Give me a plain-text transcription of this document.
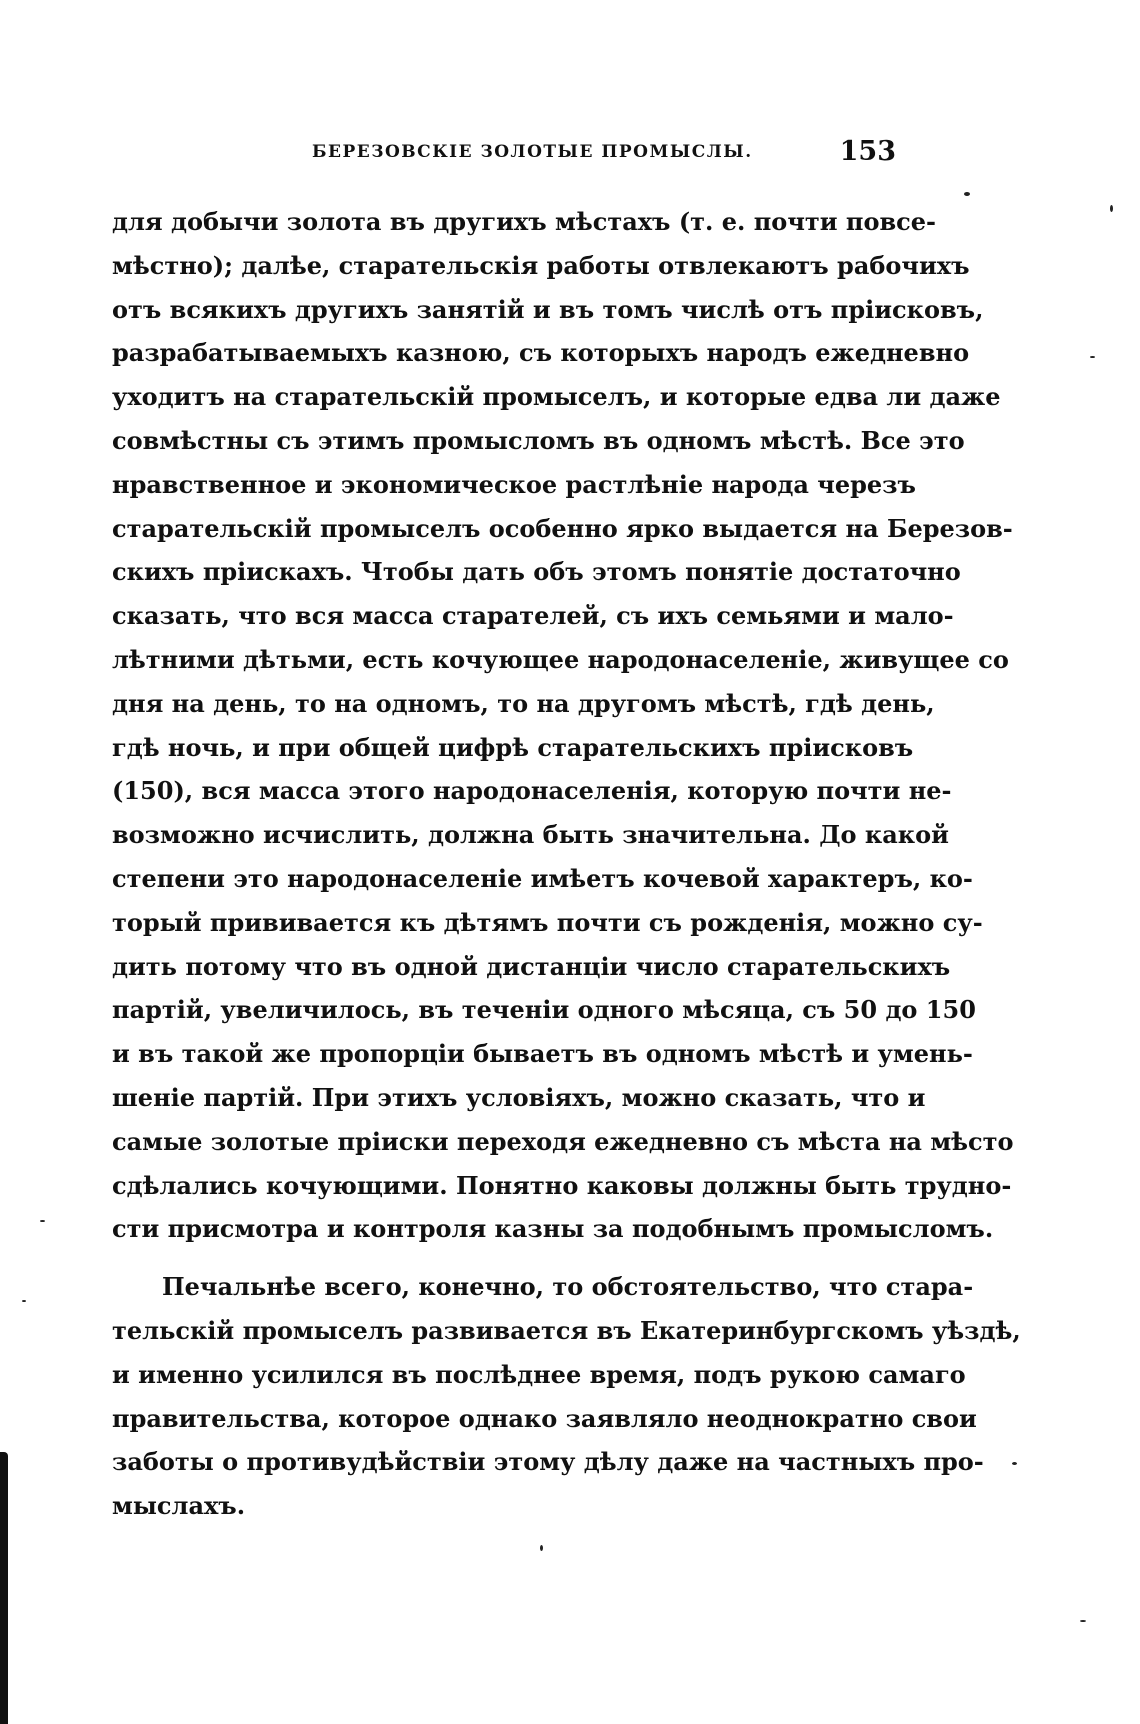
БЕРЕЗОВСКІЕ ЗОЛОТЫЕ ПРОМЫСЛЫ.	153
для добычи золота въ другихъ мѣстахъ (т. е. почти повсе-
мѣстно); далѣе, старательскія работы отвлекаютъ рабочихъ
отъ всякихъ другихъ занятій и въ томъ числѣ отъ пріисковъ,
разрабатываемыхъ казною, съ которыхъ народъ ежедневно
уходитъ на старательскій промыселъ, и которые едва ли даже
совмѣстны съ этимъ промысломъ въ одномъ мѣстѣ. Все это
нравственное и экономическое растлѣніе народа черезъ
старательскій промыселъ особенно ярко выдается на Березов-
скихъ пріискахъ. Чтобы дать объ этомъ понятіе достаточно
сказать, что вся масса старателей, съ ихъ семьями и мало-
лѣтними дѣтьми, есть кочующее народонаселеніе, живущее со
дня на день, то на одномъ, то на другомъ мѣстѣ, гдѣ день,
гдѣ ночь, и при общей цифрѣ старательскихъ пріисковъ
(150), вся масса этого народонаселенія, которую почти не-
возможно исчислить, должна быть значительна. До какой
степени это народонаселеніе имѣетъ кочевой характеръ, ко-
торый прививается къ дѣтямъ почти съ рожденія, можно су-
дить потому что въ одной дистанціи число старательскихъ
партій, увеличилось, въ теченіи одного мѣсяца, съ 50 до 150
и въ такой же пропорціи бываетъ въ одномъ мѣстѣ и умень-
шеніе партій. При этихъ условіяхъ, можно сказать, что и
самые золотые пріиски переходя ежедневно съ мѣста на мѣсто
сдѣлались кочующими. Понятно каковы должны быть трудно-
сти присмотра и контроля казны за подобнымъ промысломъ.
Печальнѣе всего, конечно, то обстоятельство, что стара-
тельскій промыселъ развивается въ Екатеринбургскомъ уѣздѣ,
и именно усилился въ послѣднее время, подъ рукою самаго
правительства, которое однако заявляло неоднократно свои
заботы о противудѣйствіи этому дѣлу даже на частныхъ про-
мыслахъ.
